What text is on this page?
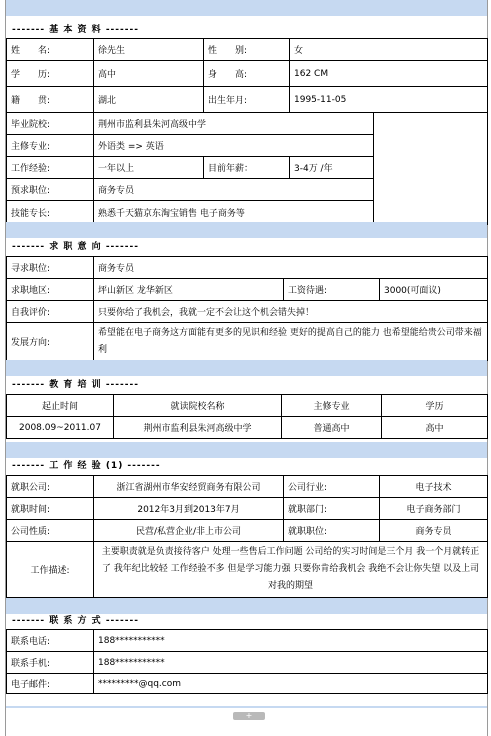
------- 基 本 资 料 -------
姓　　名:	徐先生	性　　别:	女	
学　　历:	高中	身　　高:	162 CM	
籍　　贯:	湖北	出生年月:	1995-11-05	
毕业院校:	荆州市监利县朱河高级中学			
主修专业:	外语类 => 英语			
工作经验:	一年以上	目前年薪：	3-4万 /年	
预求职位:	商务专员			
技能专长:	熟悉千天猫京东淘宝销售 电子商务等			
------- 求 职 意 向 -------
寻求职位:	商务专员		
求职地区:	坪山新区 龙华新区	工资待遇:	3000(可面议)
自我评价:	只要你给了我机会，我就一定不会让这个机会错失掉！		
发展方向:	希望能在电子商务这方面能有更多的见识和经验 更好的提高自己的能力 也希望能给贵公司带来福利		
------- 教 育 培 训 -------
起止时间	就读院校名称	主修专业	学历
2008.09~2011.07	荆州市监利县朱河高级中学	普通高中	高中
------- 工 作 经 验 (1) -------
就职公司:	浙江省湖州市华安经贸商务有限公司	公司行业:	电子技术
就职时间:	2012年3月到2013年7月	就职部门:	电子商务部门
公司性质:	民营/私营企业/非上市公司	就职职位:	商务专员
工作描述:	主要职责就是负责接待客户 处理一些售后工作问题 公司给的实习时间是三个月 我一个月就转正了 我年纪比较轻 工作经验不多 但是学习能力强 只要你肯给我机会 我绝不会让你失望 以及上司对我的期望		
------- 联 系 方 式 -------
联系电话:	188***********
联系手机:	188***********
电子邮件:	*********@qq.com
+
